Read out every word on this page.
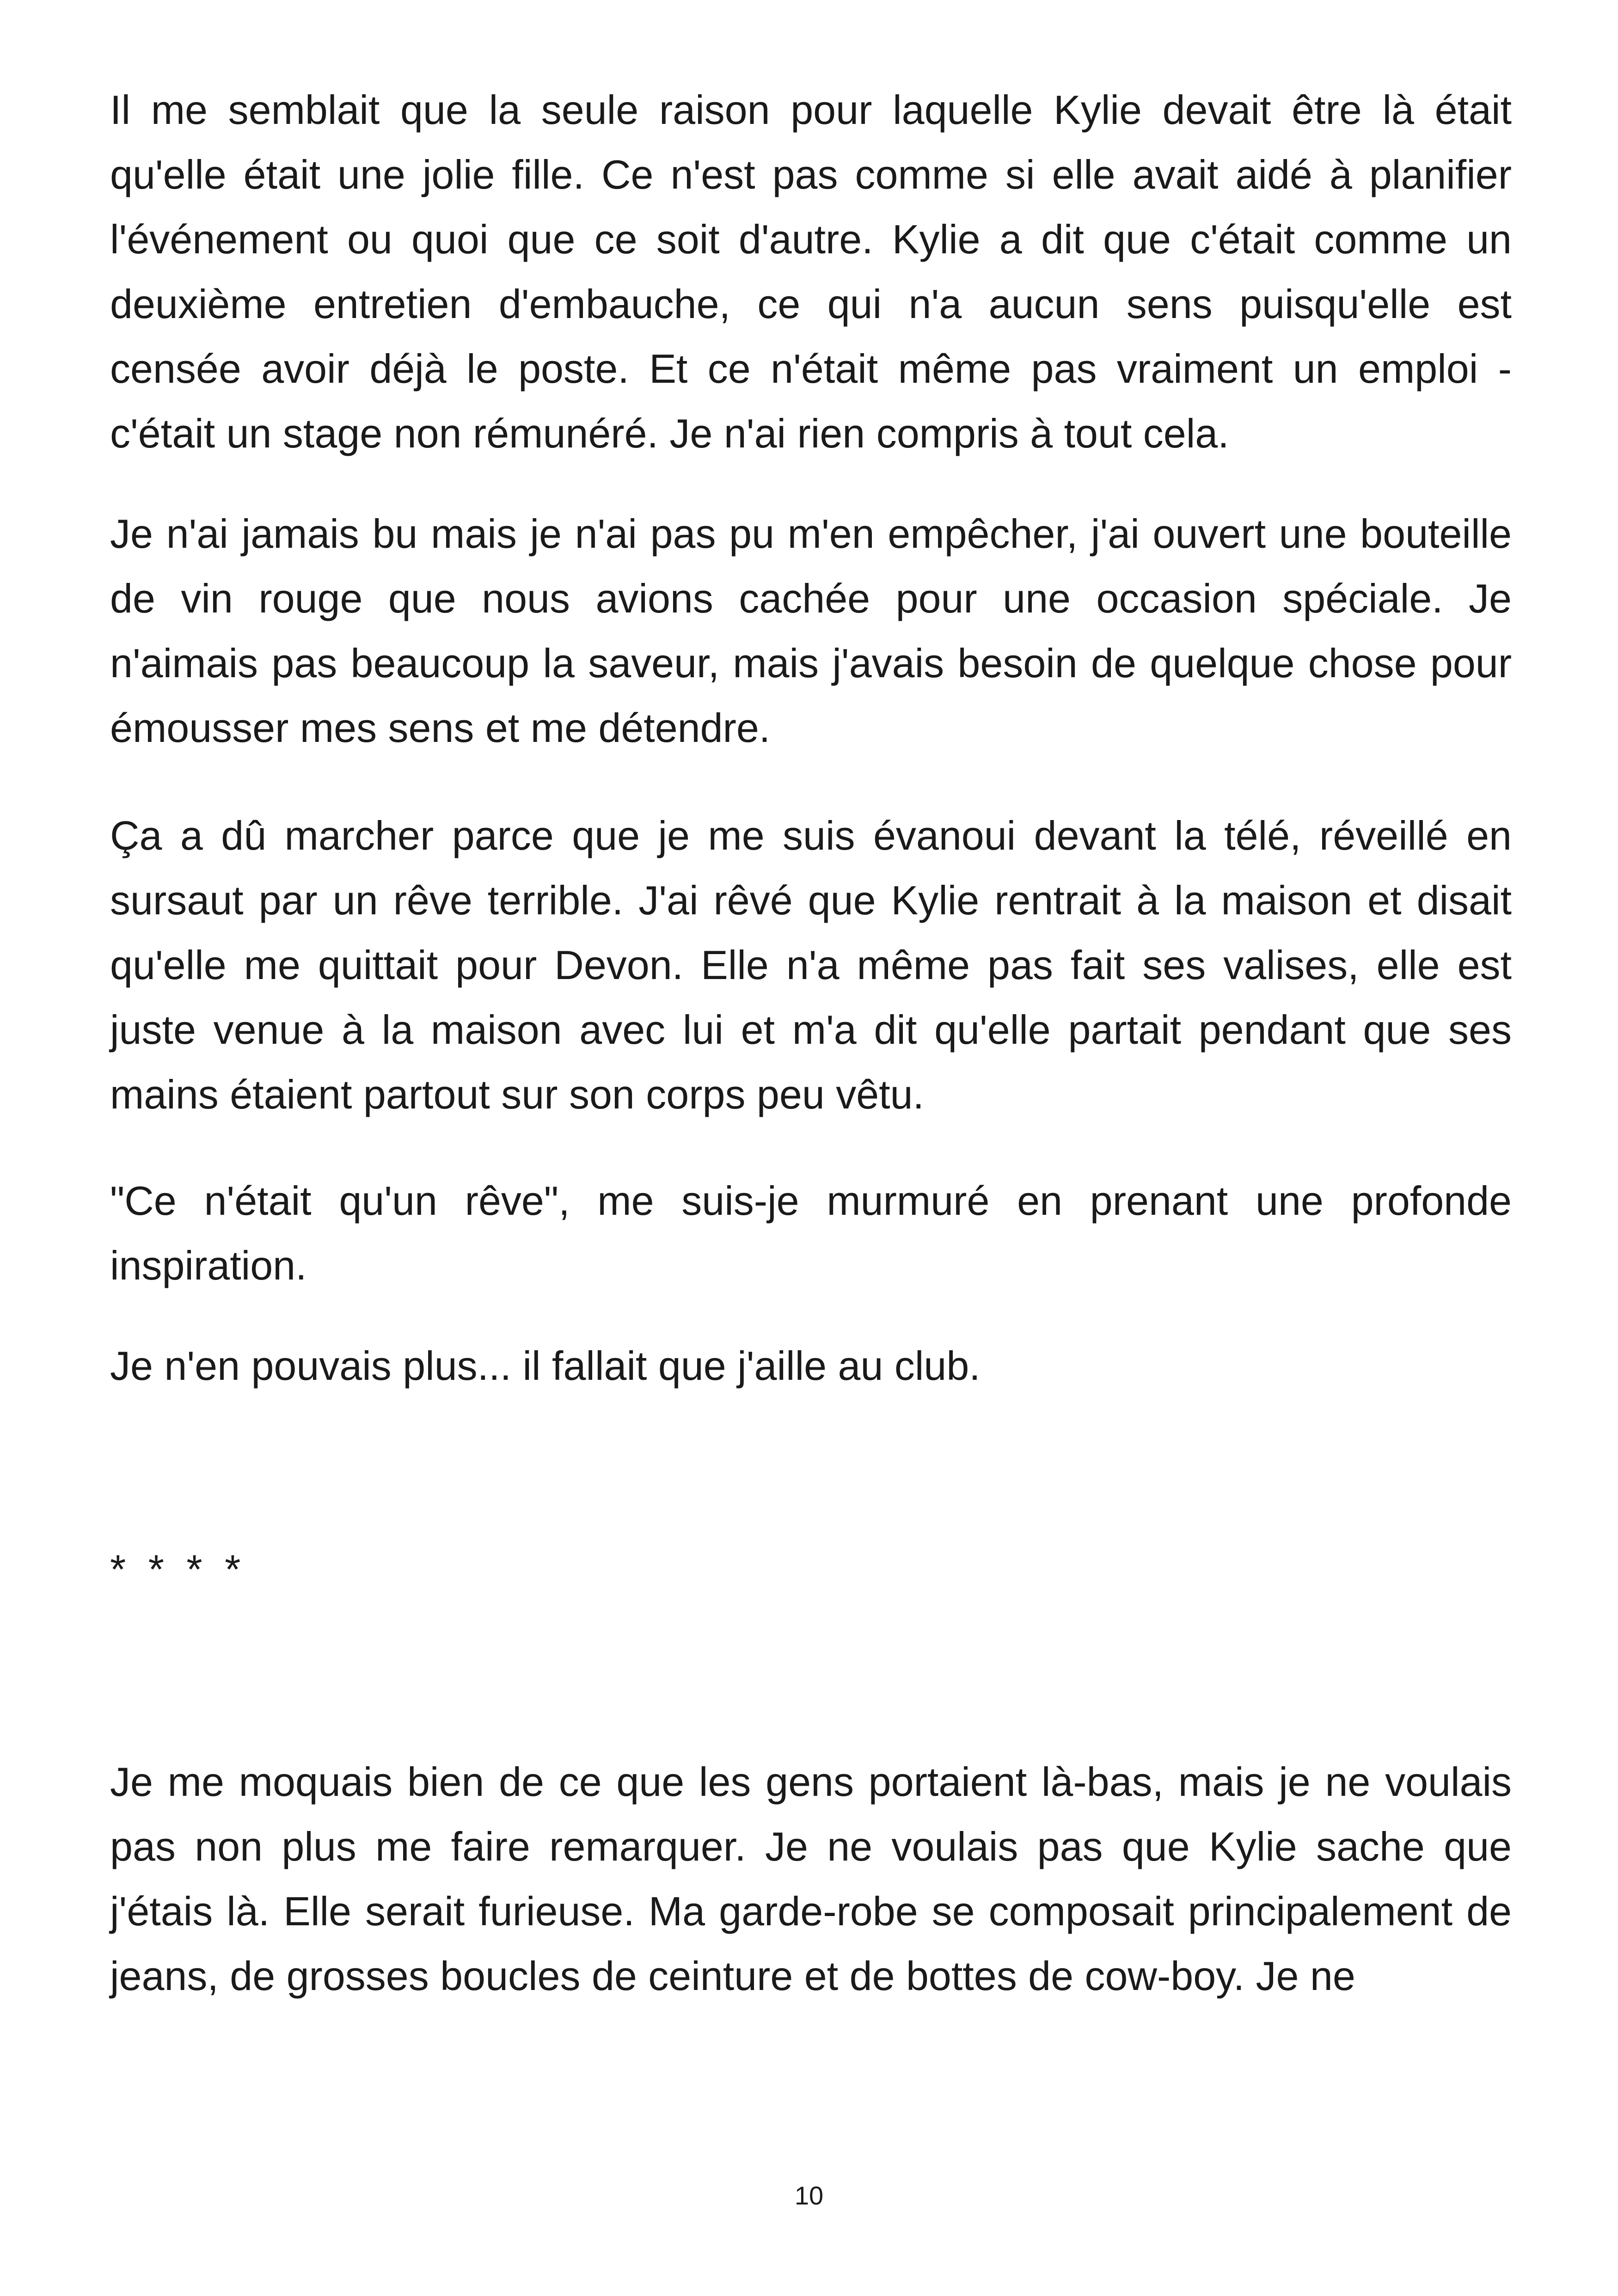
Il me semblait que la seule raison pour laquelle Kylie devait être là était qu'elle était une jolie fille. Ce n'est pas comme si elle avait aidé à planifier l'événement ou quoi que ce soit d'autre. Kylie a dit que c'était comme un deuxième entretien d'embauche, ce qui n'a aucun sens puisqu'elle est censée avoir déjà le poste. Et ce n'était même pas vraiment un emploi - c'était un stage non rémunéré. Je n'ai rien compris à tout cela.

Je n'ai jamais bu mais je n'ai pas pu m'en empêcher, j'ai ouvert une bouteille de vin rouge que nous avions cachée pour une occasion spéciale. Je n'aimais pas beaucoup la saveur, mais j'avais besoin de quelque chose pour émousser mes sens et me détendre.

Ça a dû marcher parce que je me suis évanoui devant la télé, réveillé en sursaut par un rêve terrible. J'ai rêvé que Kylie rentrait à la maison et disait qu'elle me quittait pour Devon. Elle n'a même pas fait ses valises, elle est juste venue à la maison avec lui et m'a dit qu'elle partait pendant que ses mains étaient partout sur son corps peu vêtu.

"Ce n'était qu'un rêve", me suis-je murmuré en prenant une profonde inspiration.

Je n'en pouvais plus... il fallait que j'aille au club.

* * * *

Je me moquais bien de ce que les gens portaient là-bas, mais je ne voulais pas non plus me faire remarquer. Je ne voulais pas que Kylie sache que j'étais là. Elle serait furieuse. Ma garde-robe se composait principalement de jeans, de grosses boucles de ceinture et de bottes de cow-boy. Je ne

10
